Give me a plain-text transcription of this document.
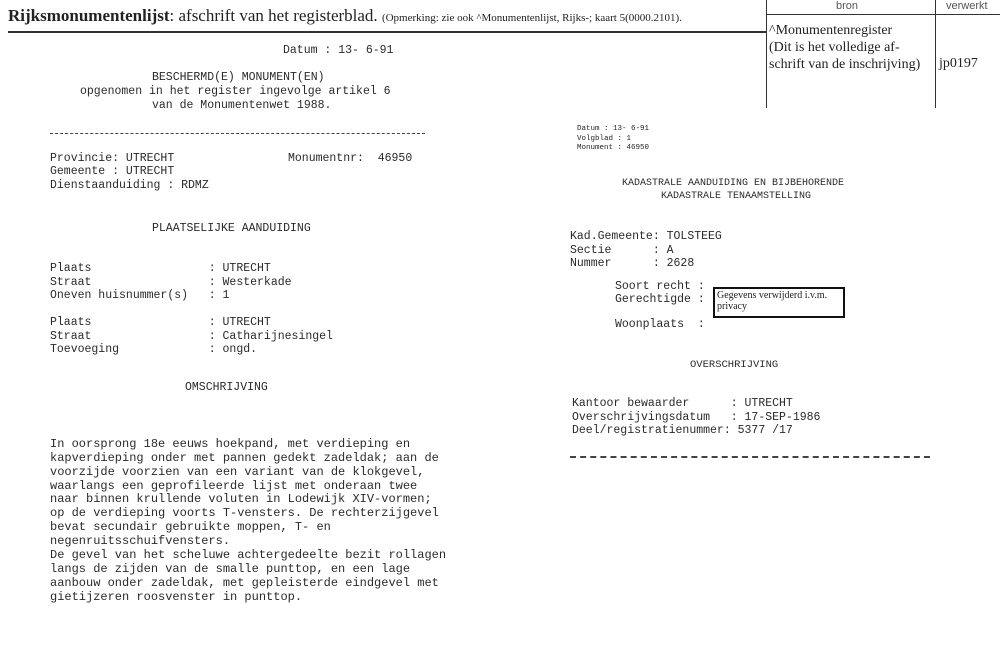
Rijksmonumentenlijst: afschrift van het registerblad. (Opmerking: zie ook ^Monumentenlijst, Rijks-; kaart 5(0000.2101).
bron	verwerkt
^Monumentenregister
(Dit is het volledige af-
schrift van de inschrijving) jp0197
Datum : 13- 6-91
BESCHERMD(E) MONUMENT(EN)
opgenomen in het register ingevolge artikel 6
van de Monumentenwet 1988.
Provincie: UTRECHT
Gemeente : UTRECHT
Dienstaanduiding : RDMZ
Monumentnr:  46950
PLAATSELIJKE AANDUIDING
Plaats                 : UTRECHT
Straat                 : Westerkade
Oneven huisnummer(s)   : 1
Plaats                 : UTRECHT
Straat                 : Catharijnesingel
Toevoeging             : ongd.
OMSCHRIJVING

In oorsprong 18e eeuws hoekpand, met verdieping en
kapverdieping onder met pannen gedekt zadeldak; aan de
voorzijde voorzien van een variant van de klokgevel,
waarlangs een geprofileerde lijst met onderaan twee
naar binnen krullende voluten in Lodewijk XIV-vormen;
op de verdieping voorts T-vensters. De rechterzijgevel
bevat secundair gebruikte moppen, T- en
negenruitsschuifvensters.
De gevel van het scheluwe achtergedeelte bezit rollagen
langs de zijden van de smalle punttop, en een lage
aanbouw onder zadeldak, met gepleisterde eindgevel met
gietijzeren roosvenster in punttop.

Datum : 13- 6-91
Volgblad : 1
Monument : 46950
KADASTRALE AANDUIDING EN BIJBEHORENDE
KADASTRALE TENAAMSTELLING
Kad.Gemeente: TOLSTEEG
Sectie      : A
Nummer      : 2628
Soort recht :
Gerechtigde :
Woonplaats  :
Gegevens verwijderd i.v.m. privacy
OVERSCHRIJVING
Kantoor bewaarder      : UTRECHT
Overschrijvingsdatum   : 17-SEP-1986
Deel/registratienummer: 5377 /17
